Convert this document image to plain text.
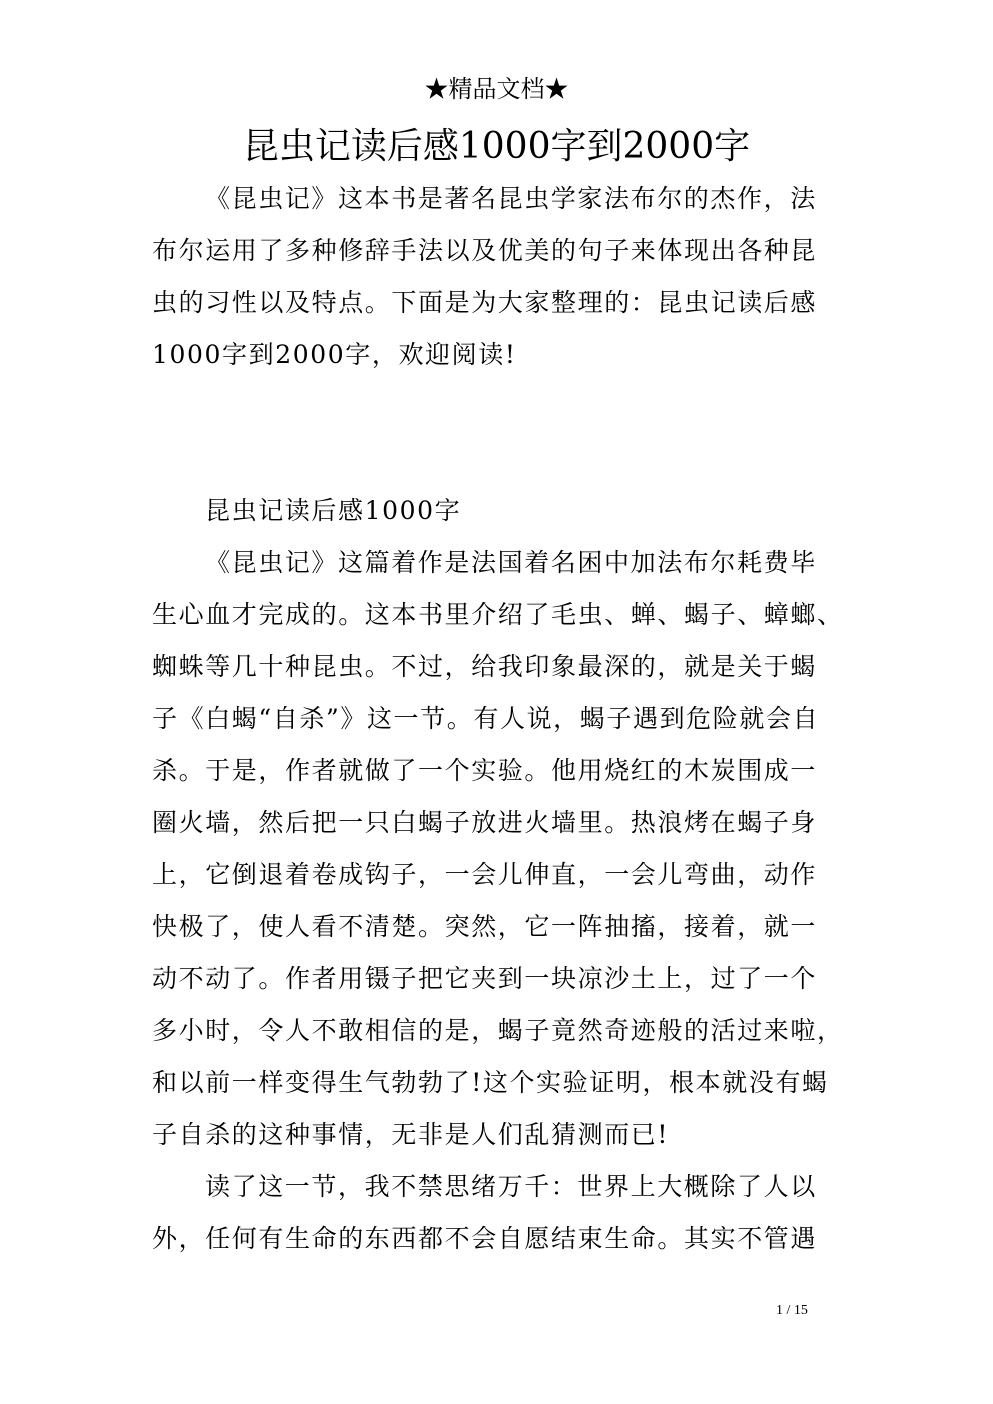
★精品文档★
昆虫记读后感1000字到2000字
《昆虫记》这本书是著名昆虫学家法布尔的杰作，法
布尔运用了多种修辞手法以及优美的句子来体现出各种昆
虫的习性以及特点。下面是为大家整理的：昆虫记读后感
1000字到2000字，欢迎阅读!
昆虫记读后感1000字
《昆虫记》这篇着作是法国着名困中加法布尔耗费毕
生心血才完成的。这本书里介绍了毛虫、蝉、蝎子、蟑螂、
蜘蛛等几十种昆虫。不过，给我印象最深的，就是关于蝎
子《白蝎“自杀”》这一节。有人说，蝎子遇到危险就会自
杀。于是，作者就做了一个实验。他用烧红的木炭围成一
圈火墙，然后把一只白蝎子放进火墙里。热浪烤在蝎子身
上，它倒退着卷成钩子，一会儿伸直，一会儿弯曲，动作
快极了，使人看不清楚。突然，它一阵抽搐，接着，就一
动不动了。作者用镊子把它夹到一块凉沙土上，过了一个
多小时，令人不敢相信的是，蝎子竟然奇迹般的活过来啦，
和以前一样变得生气勃勃了!这个实验证明，根本就没有蝎
子自杀的这种事情，无非是人们乱猜测而已!
读了这一节，我不禁思绪万千：世界上大概除了人以
外，任何有生命的东西都不会自愿结束生命。其实不管遇
1 / 15
